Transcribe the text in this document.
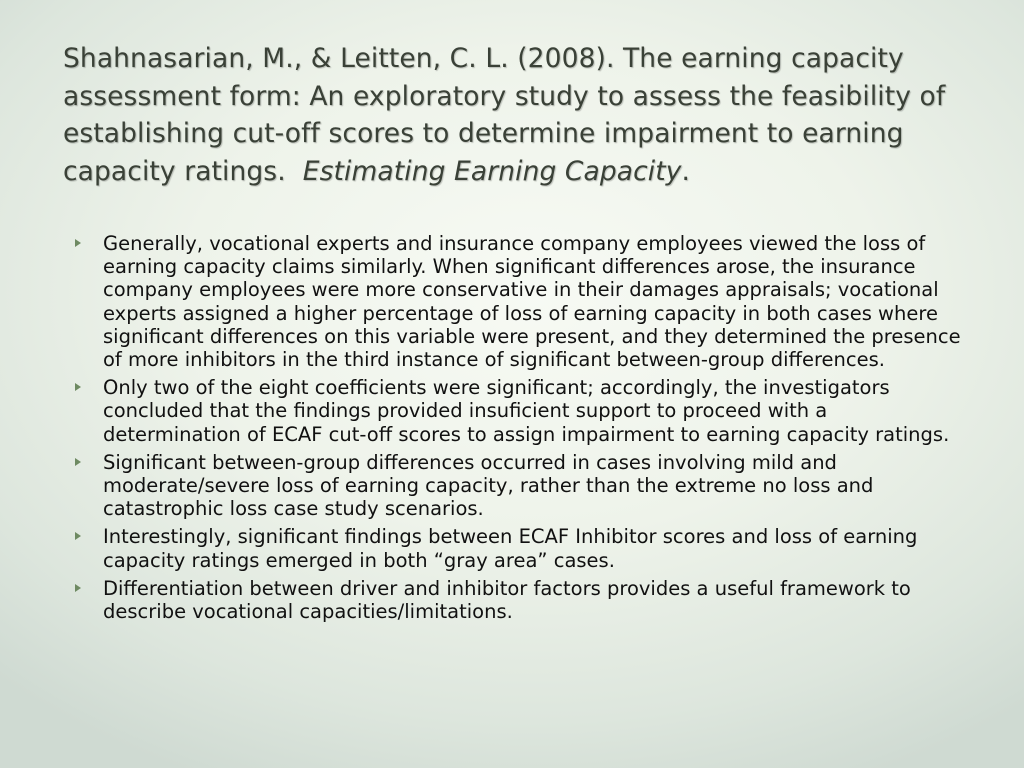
Shahnasarian, M., & Leitten, C. L. (2008). The earning capacity assessment form: An exploratory study to assess the feasibility of establishing cut-off scores to determine impairment to earning capacity ratings. Estimating Earning Capacity.
Generally, vocational experts and insurance company employees viewed the loss of earning capacity claims similarly. When significant differences arose, the insurance company employees were more conservative in their damages appraisals; vocational experts assigned a higher percentage of loss of earning capacity in both cases where significant differences on this variable were present, and they determined the presence of more inhibitors in the third instance of significant between-group differences.
Only two of the eight coefficients were significant; accordingly, the investigators concluded that the findings provided insuficient support to proceed with a determination of ECAF cut-off scores to assign impairment to earning capacity ratings.
Significant between-group differences occurred in cases involving mild and moderate/severe loss of earning capacity, rather than the extreme no loss and catastrophic loss case study scenarios.
Interestingly, significant findings between ECAF Inhibitor scores and loss of earning capacity ratings emerged in both “gray area” cases.
Differentiation between driver and inhibitor factors provides a useful framework to describe vocational capacities/limitations.
